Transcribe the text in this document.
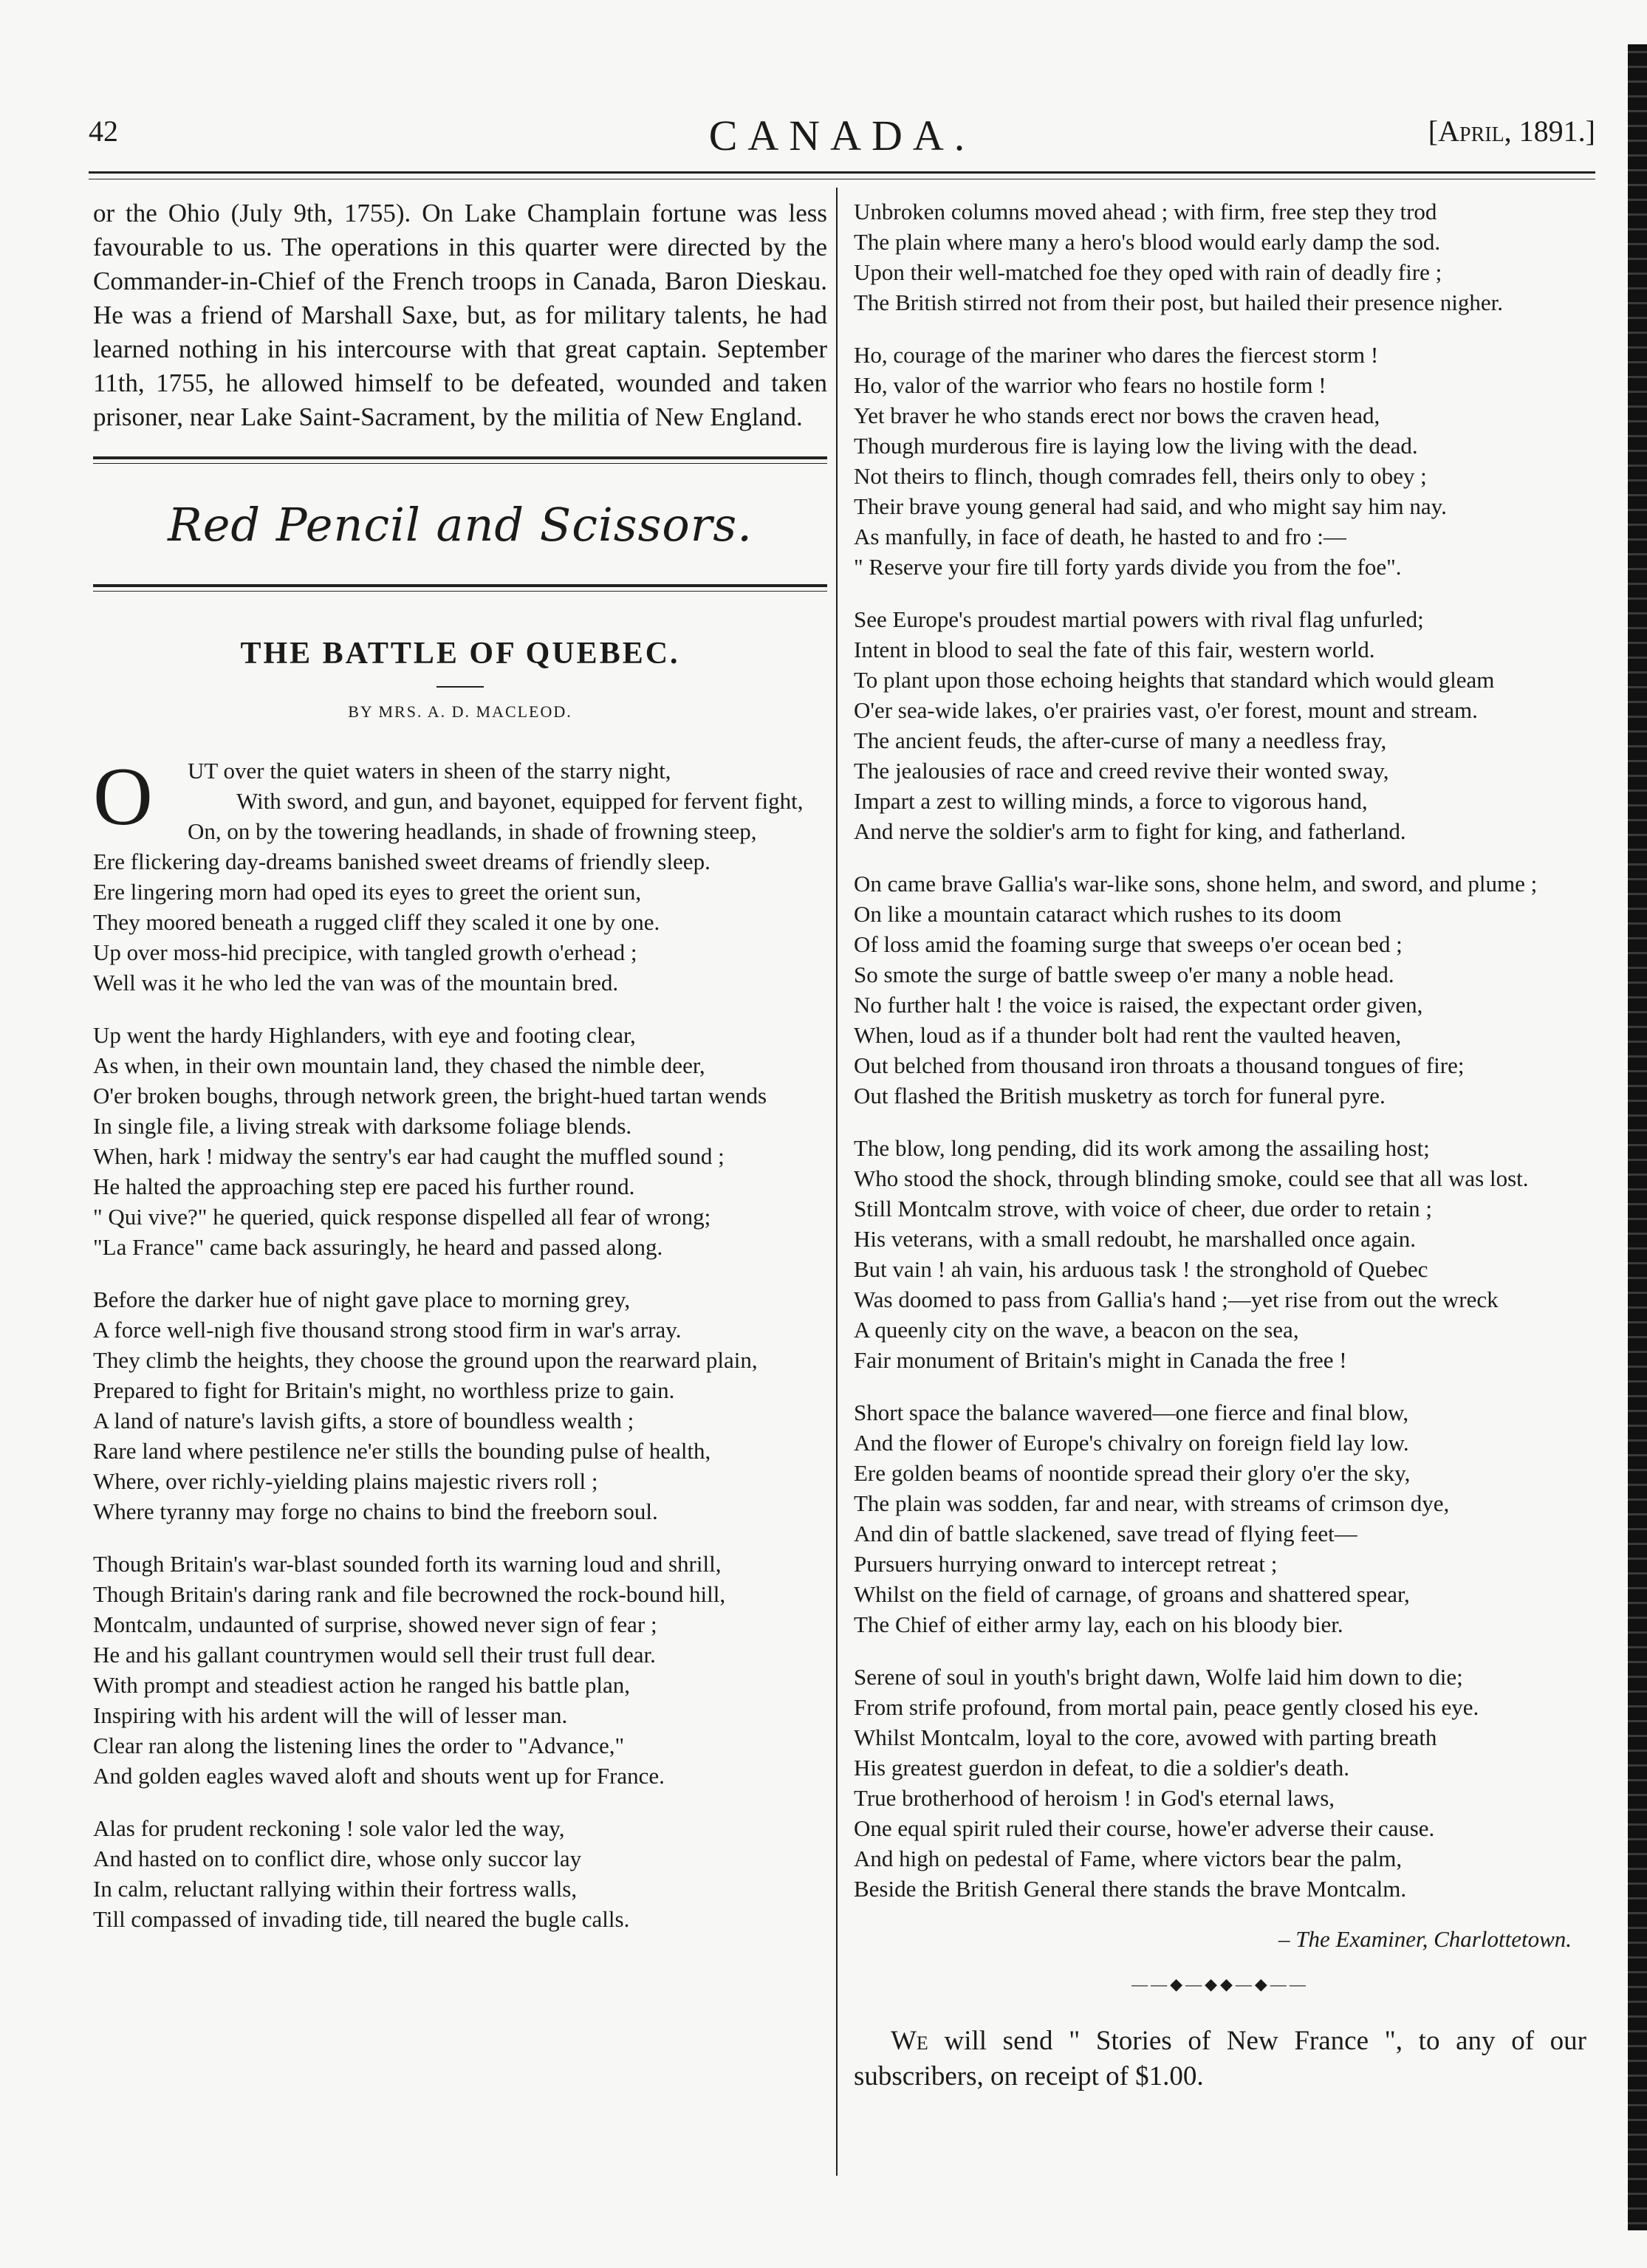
42	CANADA.	[April, 1891.]

or the Ohio (July 9th, 1755). On Lake Champlain fortune was less favourable to us. The operations in this quarter were directed by the Commander-in-Chief of the French troops in Canada, Baron Dieskau. He was a friend of Marshall Saxe, but, as for military talents, he had learned nothing in his intercourse with that great captain. September 11th, 1755, he allowed himself to be defeated, wounded and taken prisoner, near Lake Saint-Sacrament, by the militia of New England.

Red Pencil and Scissors.
THE BATTLE OF QUEBEC.
BY MRS. A. D. MACLEOD.
O	UT over the quiet waters in sheen of the starry night,
With sword, and gun, and bayonet, equipped for fervent fight,
On, on by the towering headlands, in shade of frowning steep,
Ere flickering day-dreams banished sweet dreams of friendly sleep.
Ere lingering morn had oped its eyes to greet the orient sun,
They moored beneath a rugged cliff they scaled it one by one.
Up over moss-hid precipice, with tangled growth o'erhead ;
Well was it he who led the van was of the mountain bred.
Up went the hardy Highlanders, with eye and footing clear,
As when, in their own mountain land, they chased the nimble deer,
O'er broken boughs, through network green, the bright-hued tartan wends
In single file, a living streak with darksome foliage blends.
When, hark ! midway the sentry's ear had caught the muffled sound ;
He halted the approaching step ere paced his further round.
" Qui vive?" he queried, quick response dispelled all fear of wrong;
"La France" came back assuringly, he heard and passed along.
Before the darker hue of night gave place to morning grey,
A force well-nigh five thousand strong stood firm in war's array.
They climb the heights, they choose the ground upon the rearward plain,
Prepared to fight for Britain's might, no worthless prize to gain.
A land of nature's lavish gifts, a store of boundless wealth ;
Rare land where pestilence ne'er stills the bounding pulse of health,
Where, over richly-yielding plains majestic rivers roll ;
Where tyranny may forge no chains to bind the freeborn soul.
Though Britain's war-blast sounded forth its warning loud and shrill,
Though Britain's daring rank and file becrowned the rock-bound hill,
Montcalm, undaunted of surprise, showed never sign of fear ;
He and his gallant countrymen would sell their trust full dear.
With prompt and steadiest action he ranged his battle plan,
Inspiring with his ardent will the will of lesser man.
Clear ran along the listening lines the order to "Advance,"
And golden eagles waved aloft and shouts went up for France.
Alas for prudent reckoning ! sole valor led the way,
And hasted on to conflict dire, whose only succor lay
In calm, reluctant rallying within their fortress walls,
Till compassed of invading tide, till neared the bugle calls.
Unbroken columns moved ahead ; with firm, free step they trod
The plain where many a hero's blood would early damp the sod.
Upon their well-matched foe they oped with rain of deadly fire ;
The British stirred not from their post, but hailed their presence nigher.
Ho, courage of the mariner who dares the fiercest storm !
Ho, valor of the warrior who fears no hostile form !
Yet braver he who stands erect nor bows the craven head,
Though murderous fire is laying low the living with the dead.
Not theirs to flinch, though comrades fell, theirs only to obey ;
Their brave young general had said, and who might say him nay.
As manfully, in face of death, he hasted to and fro :—
" Reserve your fire till forty yards divide you from the foe".
See Europe's proudest martial powers with rival flag unfurled;
Intent in blood to seal the fate of this fair, western world.
To plant upon those echoing heights that standard which would gleam
O'er sea-wide lakes, o'er prairies vast, o'er forest, mount and stream.
The ancient feuds, the after-curse of many a needless fray,
The jealousies of race and creed revive their wonted sway,
Impart a zest to willing minds, a force to vigorous hand,
And nerve the soldier's arm to fight for king, and fatherland.
On came brave Gallia's war-like sons, shone helm, and sword, and plume ;
On like a mountain cataract which rushes to its doom
Of loss amid the foaming surge that sweeps o'er ocean bed ;
So smote the surge of battle sweep o'er many a noble head.
No further halt ! the voice is raised, the expectant order given,
When, loud as if a thunder bolt had rent the vaulted heaven,
Out belched from thousand iron throats a thousand tongues of fire;
Out flashed the British musketry as torch for funeral pyre.
The blow, long pending, did its work among the assailing host;
Who stood the shock, through blinding smoke, could see that all was lost.
Still Montcalm strove, with voice of cheer, due order to retain ;
His veterans, with a small redoubt, he marshalled once again.
But vain ! ah vain, his arduous task ! the stronghold of Quebec
Was doomed to pass from Gallia's hand ;—yet rise from out the wreck
A queenly city on the wave, a beacon on the sea,
Fair monument of Britain's might in Canada the free !
Short space the balance wavered—one fierce and final blow,
And the flower of Europe's chivalry on foreign field lay low.
Ere golden beams of noontide spread their glory o'er the sky,
The plain was sodden, far and near, with streams of crimson dye,
And din of battle slackened, save tread of flying feet—
Pursuers hurrying onward to intercept retreat ;
Whilst on the field of carnage, of groans and shattered spear,
The Chief of either army lay, each on his bloody bier.
Serene of soul in youth's bright dawn, Wolfe laid him down to die;
From strife profound, from mortal pain, peace gently closed his eye.
Whilst Montcalm, loyal to the core, avowed with parting breath
His greatest guerdon in defeat, to die a soldier's death.
True brotherhood of heroism ! in God's eternal laws,
One equal spirit ruled their course, howe'er adverse their cause.
And high on pedestal of Fame, where victors bear the palm,
Beside the British General there stands the brave Montcalm.
– The Examiner, Charlottetown.
——◆—◆◆—◆——

We will send " Stories of New France ", to any of our subscribers, on receipt of $1.00.
